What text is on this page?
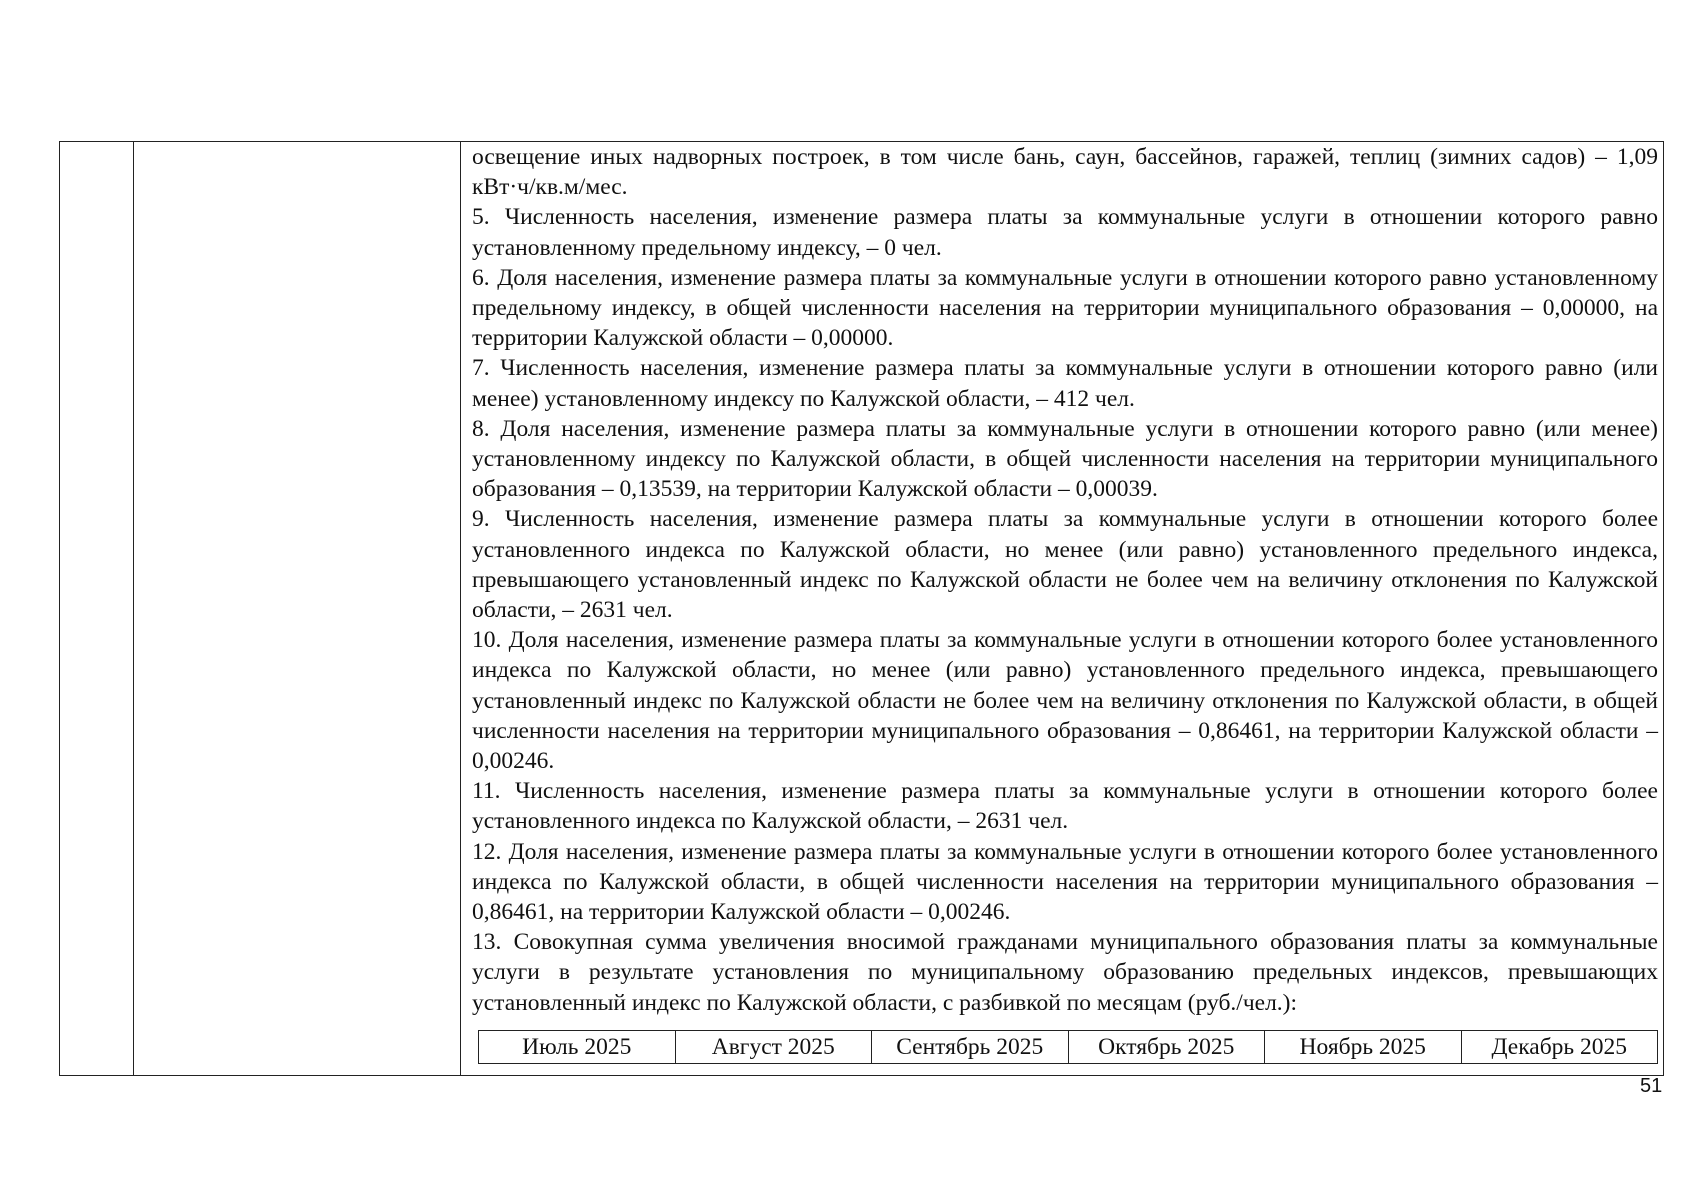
освещение иных надворных построек, в том числе бань, саун, бассейнов, гаражей, теплиц (зимних садов) – 1,09 кВт·ч/кв.м/мес.

5. Численность населения, изменение размера платы за коммунальные услуги в отношении которого равно установленному предельному индексу, – 0 чел.

6. Доля населения, изменение размера платы за коммунальные услуги в отношении которого равно установленному предельному индексу, в общей численности населения на территории муниципального образования – 0,00000, на территории Калужской области – 0,00000.

7. Численность населения, изменение размера платы за коммунальные услуги в отношении которого равно (или менее) установленному индексу по Калужской области, – 412 чел.

8. Доля населения, изменение размера платы за коммунальные услуги в отношении которого равно (или менее) установленному индексу по Калужской области, в общей численности населения на территории муниципального образования – 0,13539, на территории Калужской области – 0,00039.

9. Численность населения, изменение размера платы за коммунальные услуги в отношении которого более установленного индекса по Калужской области, но менее (или равно) установленного предельного индекса, превышающего установленный индекс по Калужской области не более чем на величину отклонения по Калужской области, – 2631 чел.

10. Доля населения, изменение размера платы за коммунальные услуги в отношении которого более установленного индекса по Калужской области, но менее (или равно) установленного предельного индекса, превышающего установленный индекс по Калужской области не более чем на величину отклонения по Калужской области, в общей численности населения на территории муниципального образования – 0,86461, на территории Калужской области – 0,00246.

11. Численность населения, изменение размера платы за коммунальные услуги в отношении которого более установленного индекса по Калужской области, – 2631 чел.

12. Доля населения, изменение размера платы за коммунальные услуги в отношении которого более установленного индекса по Калужской области, в общей численности населения на территории муниципального образования – 0,86461, на территории Калужской области – 0,00246.

13. Совокупная сумма увеличения вносимой гражданами муниципального образования платы за коммунальные услуги в результате установления по муниципальному образованию предельных индексов, превышающих установленный индекс по Калужской области, с разбивкой по месяцам (руб./чел.):

Июль 2025	Август 2025	Сентябрь 2025	Октябрь 2025	Ноябрь 2025	Декабрь 2025
51
